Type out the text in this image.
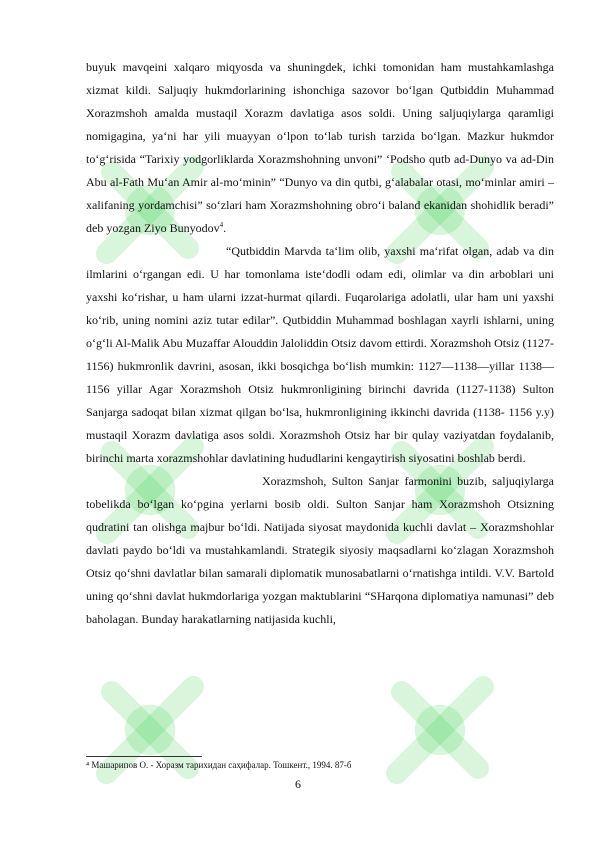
buyuk mavqeini xalqaro miqyosda va shuningdek, ichki tomonidan ham mustahkamlashga xizmat kildi. Saljuqiy hukmdorlarining ishonchiga sazovor bo‘lgan Qutbiddin Muhammad Xorazmshoh amalda mustaqil Xorazm davlatiga asos soldi. Uning saljuqiylarga qaramligi nomigagina, ya‘ni har yili muayyan o‘lpon to‘lab turish tarzida bo‘lgan. Mazkur hukmdor to‘g‘risida “Tarixiy yodgorliklarda Xorazmshohning unvoni” ‘Podsho qutb ad-Dunyo va ad-Din Abu al-Fath Mu‘an Amir al-mo‘minin” “Dunyo va din qutbi, g‘alabalar otasi, mo‘minlar amiri – xalifaning yordamchisi” so‘zlari ham Xorazmshohning obro‘i baland ekanidan shohidlik beradi” deb yozgan Ziyo Bunyodov$^4$.

“Qutbiddin Marvda ta‘lim olib, yaxshi ma‘rifat olgan, adab va din ilmlarini o‘rgangan edi. U har tomonlama iste‘dodli odam edi, olimlar va din arboblari uni yaxshi ko‘rishar, u ham ularni izzat-hurmat qilardi. Fuqarolariga adolatli, ular ham uni yaxshi ko‘rib, uning nomini aziz tutar edilar”. Qutbiddin Muhammad boshlagan xayrli ishlarni, uning o‘g‘li Al-Malik Abu Muzaffar Alouddin Jaloliddin Otsiz davom ettirdi. Xorazmshoh Otsiz (1127-1156) hukmronlik davrini, asosan, ikki bosqichga bo‘lish mumkin: 1127—1138—yillar 1138—1156 yillar Agar Xorazmshoh Otsiz hukmronligining birinchi davrida (1127-1138) Sulton Sanjarga sadoqat bilan xizmat qilgan bo‘lsa, hukmronligining ikkinchi davrida (1138- 1156 y.y) mustaqil Xorazm davlatiga asos soldi. Xorazmshoh Otsiz har bir qulay vaziyatdan foydalanib, birinchi marta xorazmshohlar davlatining hududlarini kengaytirish siyosatini boshlab berdi.

Xorazmshoh, Sulton Sanjar farmonini buzib, saljuqiylarga tobelikda bo‘lgan ko‘pgina yerlarni bosib oldi. Sulton Sanjar ham Xorazmshoh Otsizning qudratini tan olishga majbur bo‘ldi. Natijada siyosat maydonida kuchli davlat – Xorazmshohlar davlati paydo bo‘ldi va mustahkamlandi. Strategik siyosiy maqsadlarni ko‘zlagan Xorazmshoh Otsiz qo‘shni davlatlar bilan samarali diplomatik munosabatlarni o‘rnatishga intildi. V.V. Bartold uning qo‘shni davlat hukmdorlariga yozgan maktublarini “SHarqona diplomatiya namunasi” deb baholagan. Bunday harakatlarning natijasida kuchli,

⁴ Машарипов О. - Хоразм тарихидан саҳифалар. Тошкент., 1994. 87-б

6
